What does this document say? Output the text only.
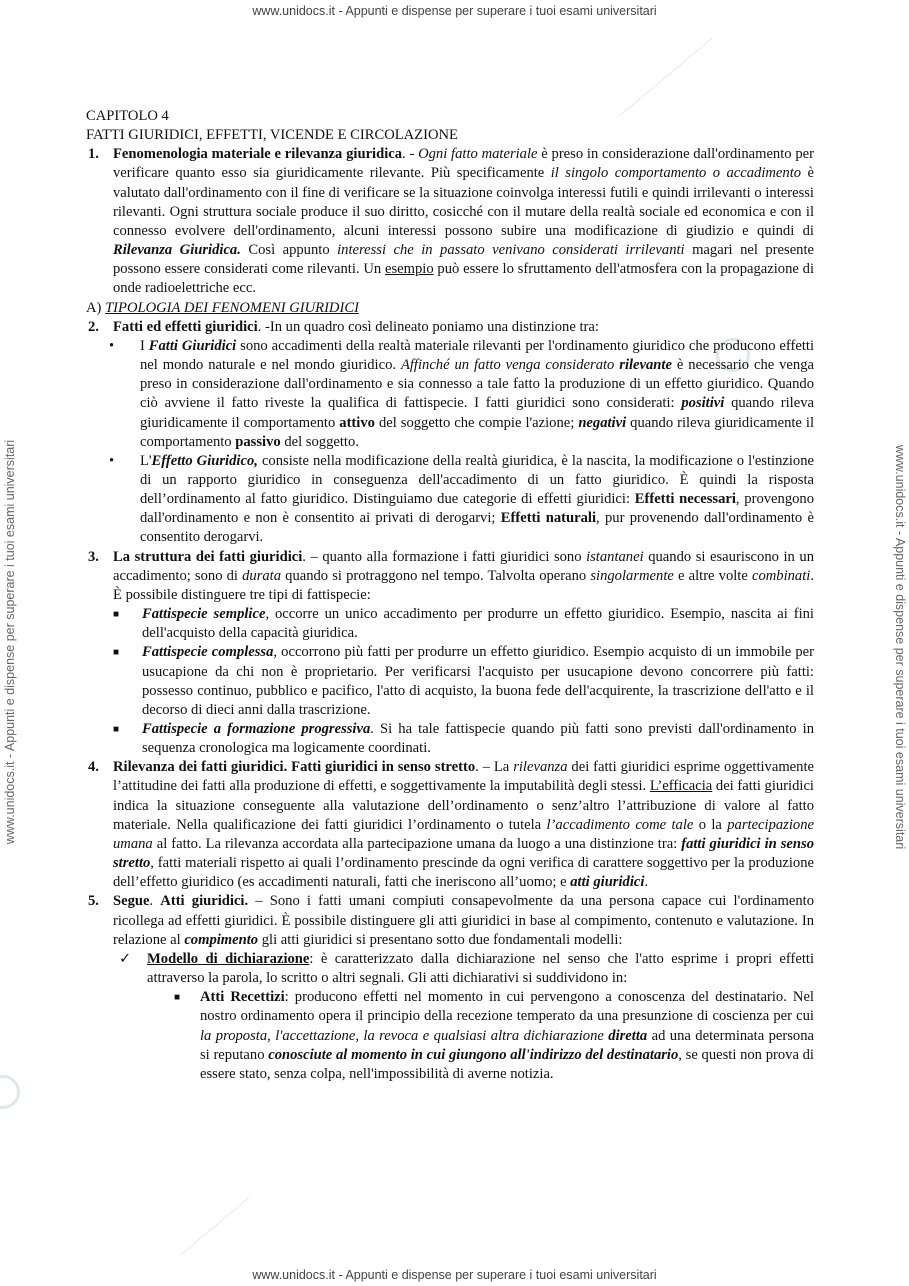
www.unidocs.it - Appunti e dispense per superare i tuoi esami universitari
www.unidocs.it - Appunti e dispense per superare i tuoi esami universitari
www.unidocs.it - Appunti e dispense per superare i tuoi esami universitari	www.unidocs.it - Appunti e dispense per superare i tuoi esami universitari

CAPITOLO 4

FATTI GIURIDICI, EFFETTI, VICENDE E CIRCOLAZIONE

1. Fenomenologia materiale e rilevanza giuridica. - Ogni fatto materiale è preso in considerazione dall'ordinamento per verificare quanto esso sia giuridicamente rilevante. Più specificamente il singolo comportamento o accadimento è valutato dall'ordinamento con il fine di verificare se la situazione coinvolga interessi futili e quindi irrilevanti o interessi rilevanti. Ogni struttura sociale produce il suo diritto, cosicché con il mutare della realtà sociale ed economica e con il connesso evolvere dell'ordinamento, alcuni interessi possono subire una modificazione di giudizio e quindi di Rilevanza Giuridica. Così appunto interessi che in passato venivano considerati irrilevanti magari nel presente possono essere considerati come rilevanti. Un esempio può essere lo sfruttamento dell'atmosfera con la propagazione di onde radioelettriche ecc.

A) TIPOLOGIA DEI FENOMENI GIURIDICI

2. Fatti ed effetti giuridici. -In un quadro così delineato poniamo una distinzione tra:

• I Fatti Giuridici sono accadimenti della realtà materiale rilevanti per l'ordinamento giuridico che producono effetti nel mondo naturale e nel mondo giuridico. Affinché un fatto venga considerato rilevante è necessario che venga preso in considerazione dall'ordinamento e sia connesso a tale fatto la produzione di un effetto giuridico. Quando ciò avviene il fatto riveste la qualifica di fattispecie. I fatti giuridici sono considerati: positivi quando rileva giuridicamente il comportamento attivo del soggetto che compie l'azione; negativi quando rileva giuridicamente il comportamento passivo del soggetto.
• L'Effetto Giuridico, consiste nella modificazione della realtà giuridica, è la nascita, la modificazione o l'estinzione di un rapporto giuridico in conseguenza dell'accadimento di un fatto giuridico. È quindi la risposta dell’ordinamento al fatto giuridico. Distinguiamo due categorie di effetti giuridici: Effetti necessari, provengono dall'ordinamento e non è consentito ai privati di derogarvi; Effetti naturali, pur provenendo dall'ordinamento è consentito derogarvi.
3. La struttura dei fatti giuridici. – quanto alla formazione i fatti giuridici sono istantanei quando si esauriscono in un accadimento; sono di durata quando si protraggono nel tempo. Talvolta operano singolarmente e altre volte combinati. È possibile distinguere tre tipi di fattispecie:

■ Fattispecie semplice, occorre un unico accadimento per produrre un effetto giuridico. Esempio, nascita ai fini dell'acquisto della capacità giuridica.
■ Fattispecie complessa, occorrono più fatti per produrre un effetto giuridico. Esempio acquisto di un immobile per usucapione da chi non è proprietario. Per verificarsi l'acquisto per usucapione devono concorrere più fatti: possesso continuo, pubblico e pacifico, l'atto di acquisto, la buona fede dell'acquirente, la trascrizione dell'atto e il decorso di dieci anni dalla trascrizione.
■ Fattispecie a formazione progressiva. Si ha tale fattispecie quando più fatti sono previsti dall'ordinamento in sequenza cronologica ma logicamente coordinati.
4. Rilevanza dei fatti giuridici. Fatti giuridici in senso stretto. – La rilevanza dei fatti giuridici esprime oggettivamente l’attitudine dei fatti alla produzione di effetti, e soggettivamente la imputabilità degli stessi. L’efficacia dei fatti giuridici indica la situazione conseguente alla valutazione dell’ordinamento o senz’altro l’attribuzione di valore al fatto materiale. Nella qualificazione dei fatti giuridici l’ordinamento o tutela l’accadimento come tale o la partecipazione umana al fatto. La rilevanza accordata alla partecipazione umana da luogo a una distinzione tra: fatti giuridici in senso stretto, fatti materiali rispetto ai quali l’ordinamento prescinde da ogni verifica di carattere soggettivo per la produzione dell’effetto giuridico (es accadimenti naturali, fatti che ineriscono all’uomo; e atti giuridici.

5. Segue. Atti giuridici. – Sono i fatti umani compiuti consapevolmente da una persona capace cui l'ordinamento ricollega ad effetti giuridici. È possibile distinguere gli atti giuridici in base al compimento, contenuto e valutazione. In relazione al compimento gli atti giuridici si presentano sotto due fondamentali modelli:

✓ Modello di dichiarazione: è caratterizzato dalla dichiarazione nel senso che l'atto esprime i propri effetti attraverso la parola, lo scritto o altri segnali. Gli atti dichiarativi si suddividono in:
■ Atti Recettizi: producono effetti nel momento in cui pervengono a conoscenza del destinatario. Nel nostro ordinamento opera il principio della recezione temperato da una presunzione di coscienza per cui la proposta, l'accettazione, la revoca e qualsiasi altra dichiarazione diretta ad una determinata persona si reputano conosciute al momento in cui giungono all'indirizzo del destinatario, se questi non prova di essere stato, senza colpa, nell'impossibilità di averne notizia.
